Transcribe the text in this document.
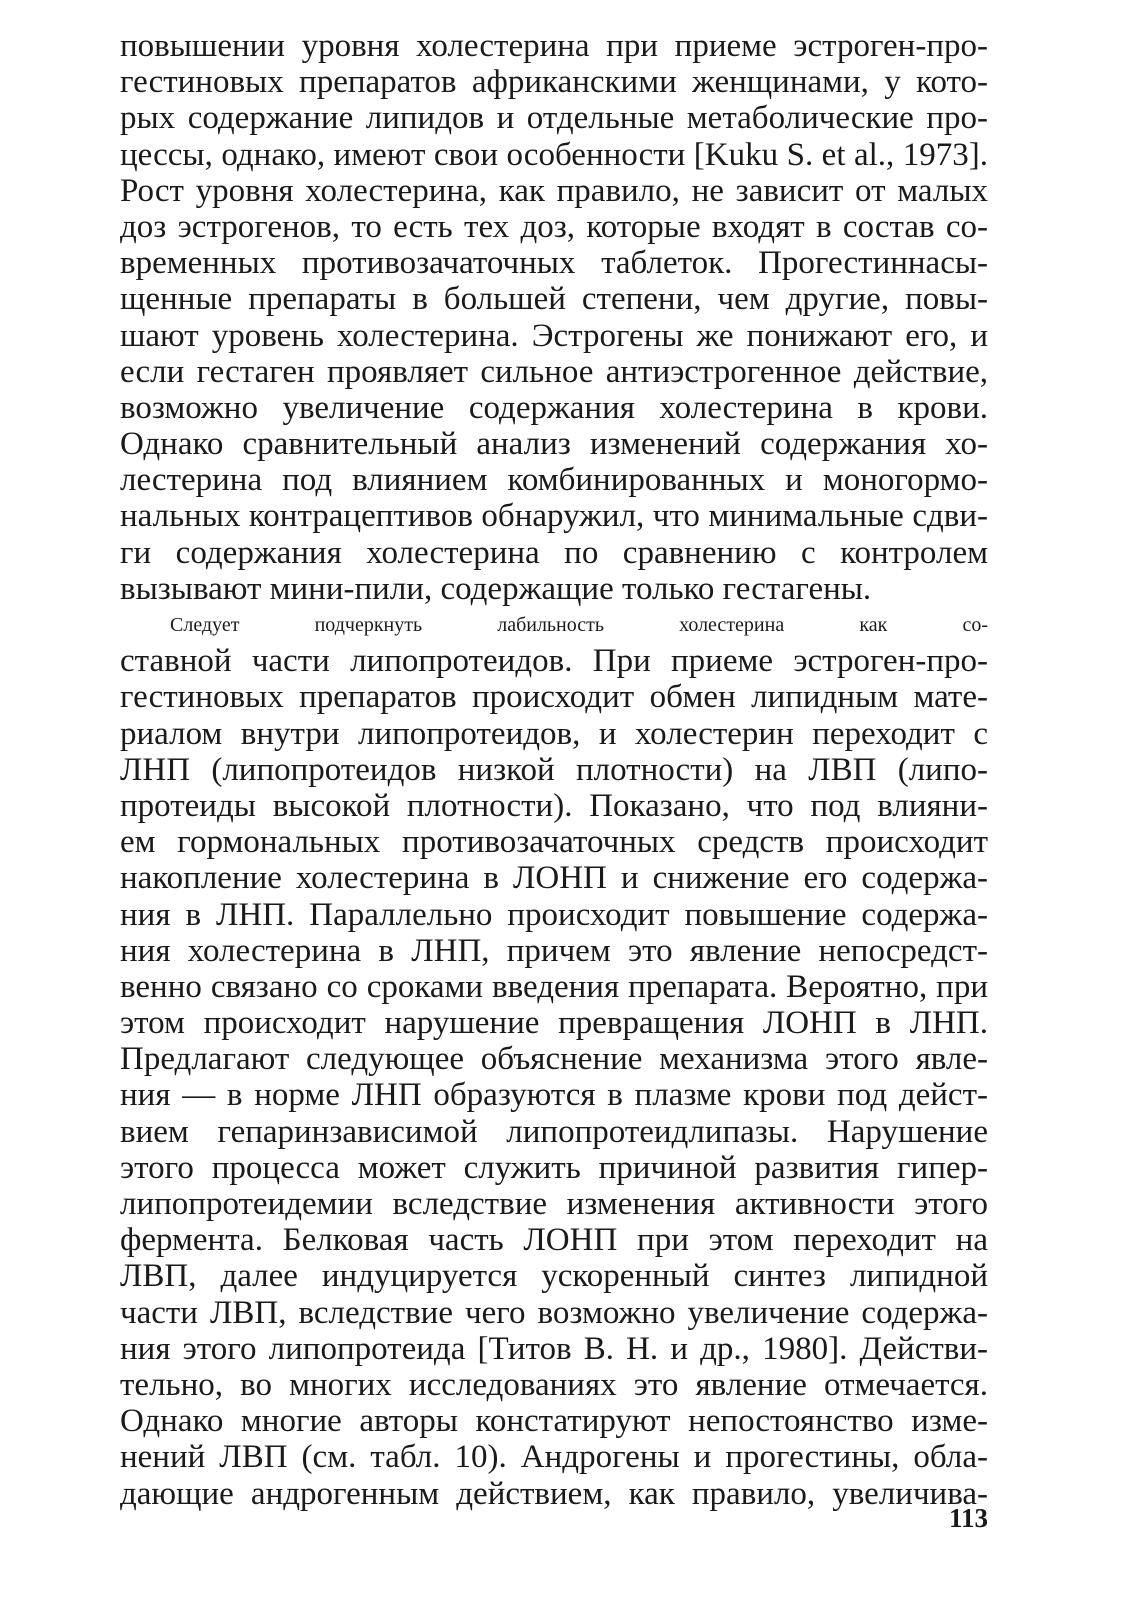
повышении уровня холестерина при приеме эстроген-про-
гестиновых препаратов африканскими женщинами, у кото-
рых содержание липидов и отдельные метаболические про-
цессы, однако, имеют свои особенности [Kuku S. et al., 1973].
Рост уровня холестерина, как правило, не зависит от малых
доз эстрогенов, то есть тех доз, которые входят в состав со-
временных противозачаточных таблеток. Прогестиннасы-
щенные препараты в большей степени, чем другие, повы-
шают уровень холестерина. Эстрогены же понижают его, и
если гестаген проявляет сильное антиэстрогенное действие,
возможно увеличение содержания холестерина в крови.
Однако сравнительный анализ изменений содержания хо-
лестерина под влиянием комбинированных и моногормо-
нальных контрацептивов обнаружил, что минимальные сдви-
ги содержания холестерина по сравнению с контролем
вызывают мини-пили, содержащие только гестагены.
Следует подчеркнуть лабильность холестерина как со-
ставной части липопротеидов. При приеме эстроген-про-
гестиновых препаратов происходит обмен липидным мате-
риалом внутри липопротеидов, и холестерин переходит с
ЛНП (липопротеидов низкой плотности) на ЛВП (липо-
протеиды высокой плотности). Показано, что под влияни-
ем гормональных противозачаточных средств происходит
накопление холестерина в ЛОНП и снижение его содержа-
ния в ЛНП. Параллельно происходит повышение содержа-
ния холестерина в ЛНП, причем это явление непосредст-
венно связано со сроками введения препарата. Вероятно, при
этом происходит нарушение превращения ЛОНП в ЛНП.
Предлагают следующее объяснение механизма этого явле-
ния — в норме ЛНП образуются в плазме крови под дейст-
вием гепаринзависимой липопротеидлипазы. Нарушение
этого процесса может служить причиной развития гипер-
липопротеидемии вследствие изменения активности этого
фермента. Белковая часть ЛОНП при этом переходит на
ЛВП, далее индуцируется ускоренный синтез липидной
части ЛВП, вследствие чего возможно увеличение содержа-
ния этого липопротеида [Титов В. Н. и др., 1980]. Действи-
тельно, во многих исследованиях это явление отмечается.
Однако многие авторы констатируют непостоянство изме-
нений ЛВП (см. табл. 10). Андрогены и прогестины, обла-
дающие андрогенным действием, как правило, увеличива-
113
